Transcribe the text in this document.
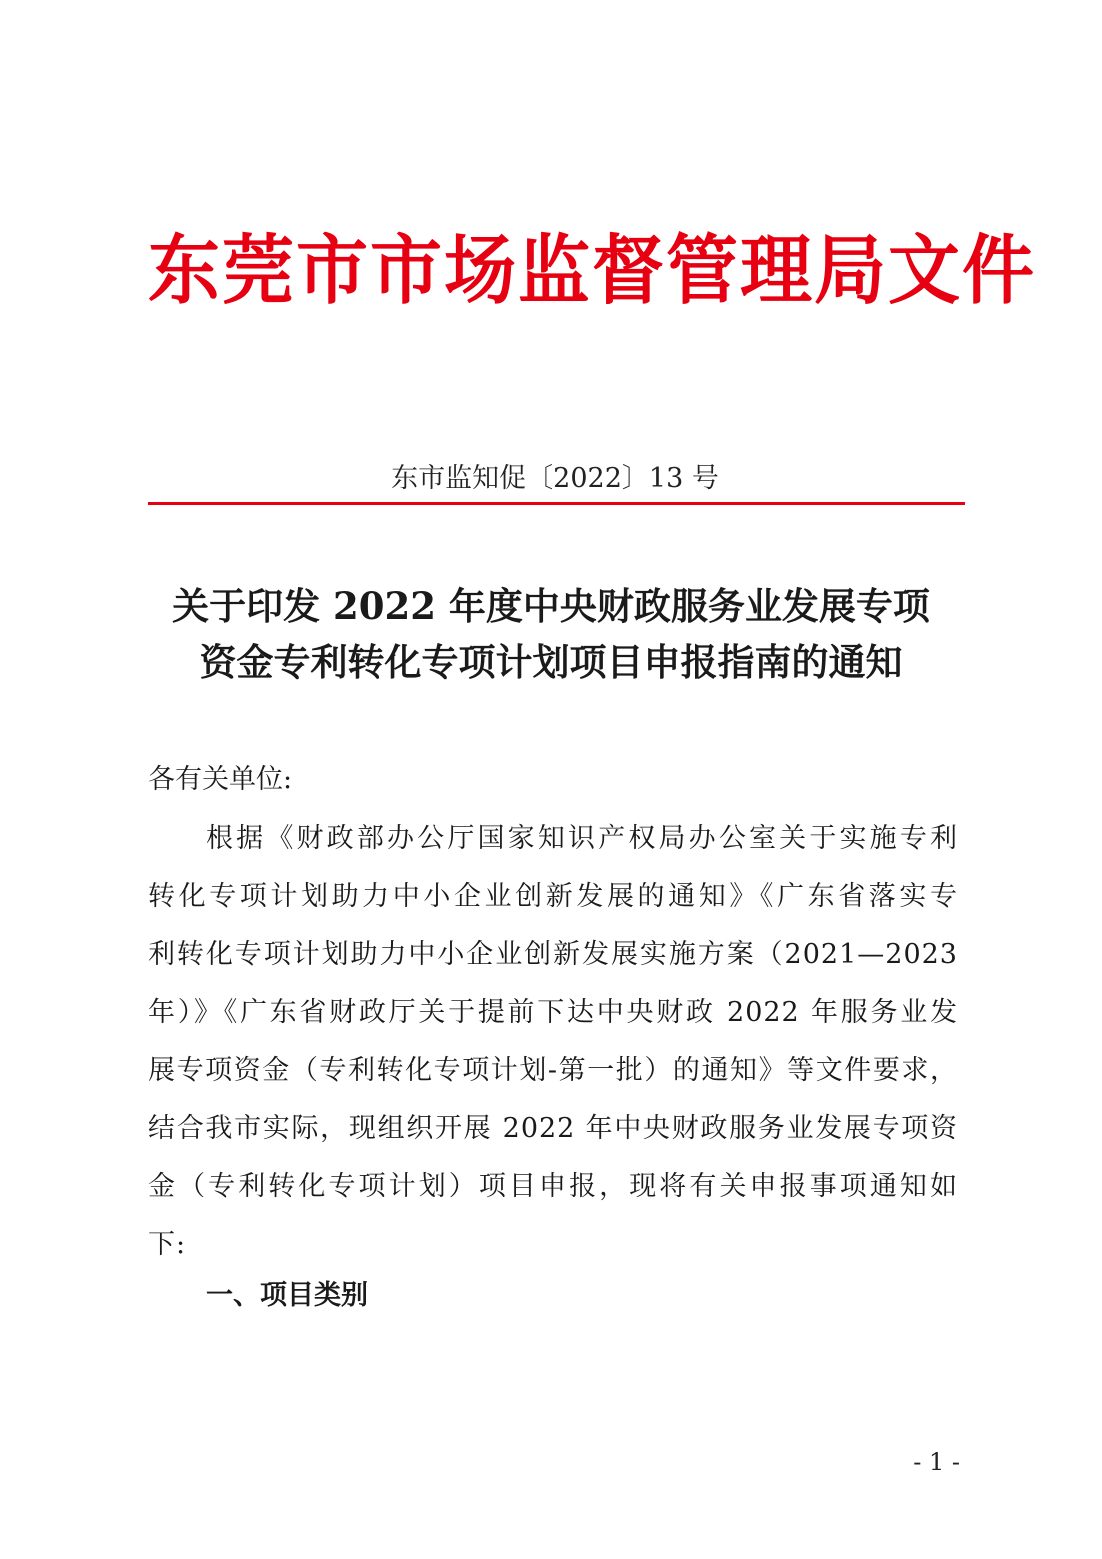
东莞市市场监督管理局文件
东市监知促〔2022〕13 号
关于印发 2022 年度中央财政服务业发展专项
资金专利转化专项计划项目申报指南的通知
各有关单位:
根据《财政部办公厅国家知识产权局办公室关于实施专利
转化专项计划助力中小企业创新发展的通知》《广东省落实专
利转化专项计划助力中小企业创新发展实施方案（2021—2023
年）》《广东省财政厅关于提前下达中央财政 2022 年服务业发
展专项资金（专利转化专项计划-第一批）的通知》等文件要求，
结合我市实际，现组织开展 2022 年中央财政服务业发展专项资
金（专利转化专项计划）项目申报，现将有关申报事项通知如
下:
一、项目类别
- 1 -
